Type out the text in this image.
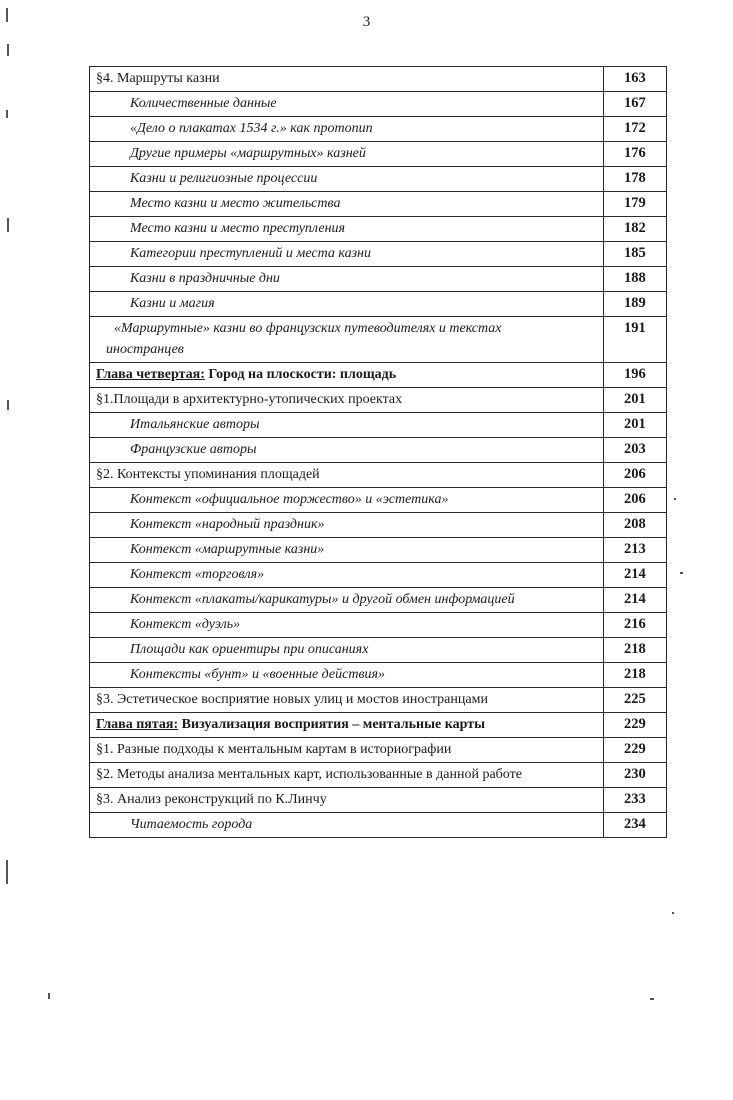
3
§4. Маршруты казни	163
Количественные данные	167
«Дело о плакатах 1534 г.» как протоnип	172
Другие примеры «маршрутных» казней	176
Казни и религиозные процессии	178
Место казни и место жительства	179
Место казни и место преступления	182
Категории преступлений и места казни	185
Казни в праздничные дни	188
Казни и магия	189
«Маршрутные» казни во французских путеводителях и текстах
иностранцев	191
Глава четвертая: Город на плоскости: площадь	196
§1.Площади в архитектурно-утопических проектах	201
Итальянские авторы	201
Французские авторы	203
§2. Контексты упоминания площадей	206
Контекст «официальное торжество» и «эстетика»	206
Контекст «народный праздник»	208
Контекст «маршрутные казни»	213
Контекст «торговля»	214
Контекст «плакаты/карикатуры» и другой обмен информацией	214
Контекст «дуэль»	216
Площади как ориентиры при описаниях	218
Контексты «бунт» и «военные действия»	218
§3. Эстетическое восприятие новых улиц и мостов иностранцами	225
Глава пятая: Визуализация восприятия – ментальные карты	229
§1. Разные подходы к ментальным картам в историографии	229
§2. Методы анализа ментальных карт, использованные в данной работе	230
§3. Анализ реконструкций по К.Линчу	233
Читаемость города	234
